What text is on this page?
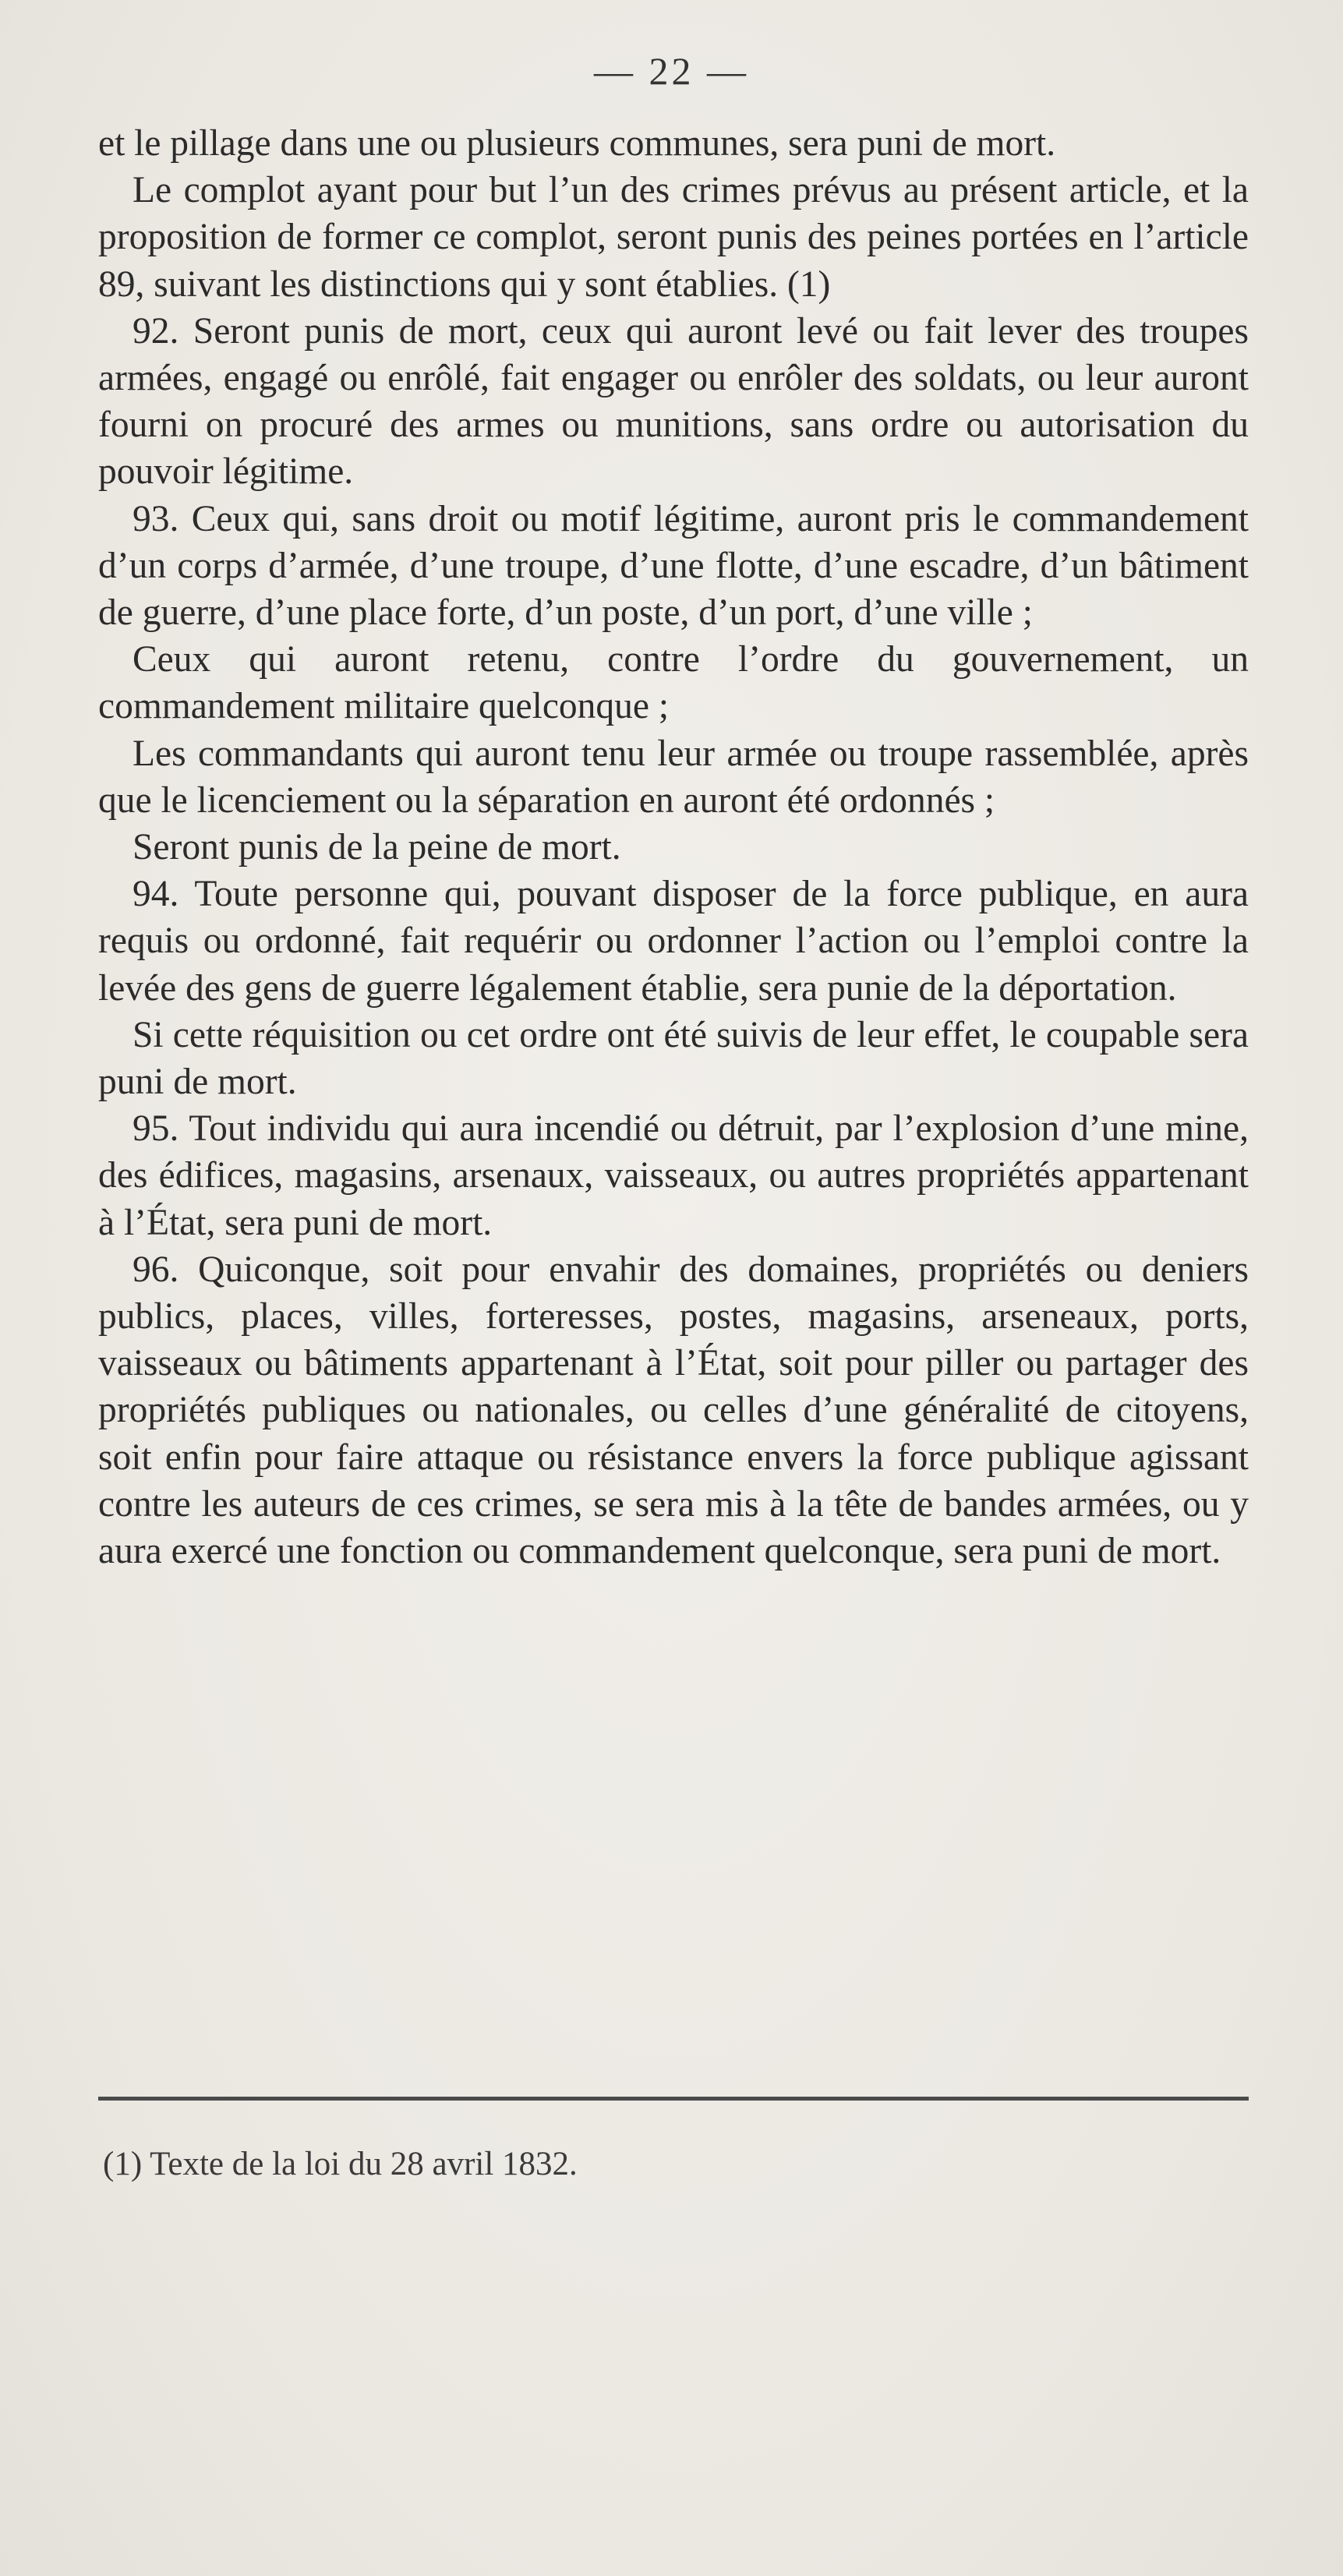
— 22 —

et le pillage dans une ou plusieurs communes, sera puni de mort.

Le complot ayant pour but l’un des crimes prévus au présent article, et la proposition de former ce complot, seront punis des peines portées en l’article 89, suivant les distinctions qui y sont établies. (1)

92. Seront punis de mort, ceux qui auront levé ou fait lever des troupes armées, engagé ou enrôlé, fait engager ou enrôler des soldats, ou leur auront fourni on procuré des armes ou munitions, sans ordre ou autorisation du pouvoir légitime.

93. Ceux qui, sans droit ou motif légitime, auront pris le commandement d’un corps d’armée, d’une troupe, d’une flotte, d’une escadre, d’un bâtiment de guerre, d’une place forte, d’un poste, d’un port, d’une ville ;

Ceux qui auront retenu, contre l’ordre du gouvernement, un commandement militaire quelconque ;

Les commandants qui auront tenu leur armée ou troupe rassemblée, après que le licenciement ou la séparation en auront été ordonnés ;

Seront punis de la peine de mort.

94. Toute personne qui, pouvant disposer de la force publique, en aura requis ou ordonné, fait requérir ou ordonner l’action ou l’emploi contre la levée des gens de guerre légalement établie, sera punie de la déportation.

Si cette réquisition ou cet ordre ont été suivis de leur effet, le coupable sera puni de mort.

95. Tout individu qui aura incendié ou détruit, par l’explosion d’une mine, des édifices, magasins, arsenaux, vaisseaux, ou autres propriétés appartenant à l’État, sera puni de mort.

96. Quiconque, soit pour envahir des domaines, propriétés ou deniers publics, places, villes, forteresses, postes, magasins, arseneaux, ports, vaisseaux ou bâtiments appartenant à l’État, soit pour piller ou partager des propriétés publiques ou nationales, ou celles d’une généralité de citoyens, soit enfin pour faire attaque ou résistance envers la force publique agissant contre les auteurs de ces crimes, se sera mis à la tête de bandes armées, ou y aura exercé une fonction ou commandement quelconque, sera puni de mort.

(1) Texte de la loi du 28 avril 1832.
